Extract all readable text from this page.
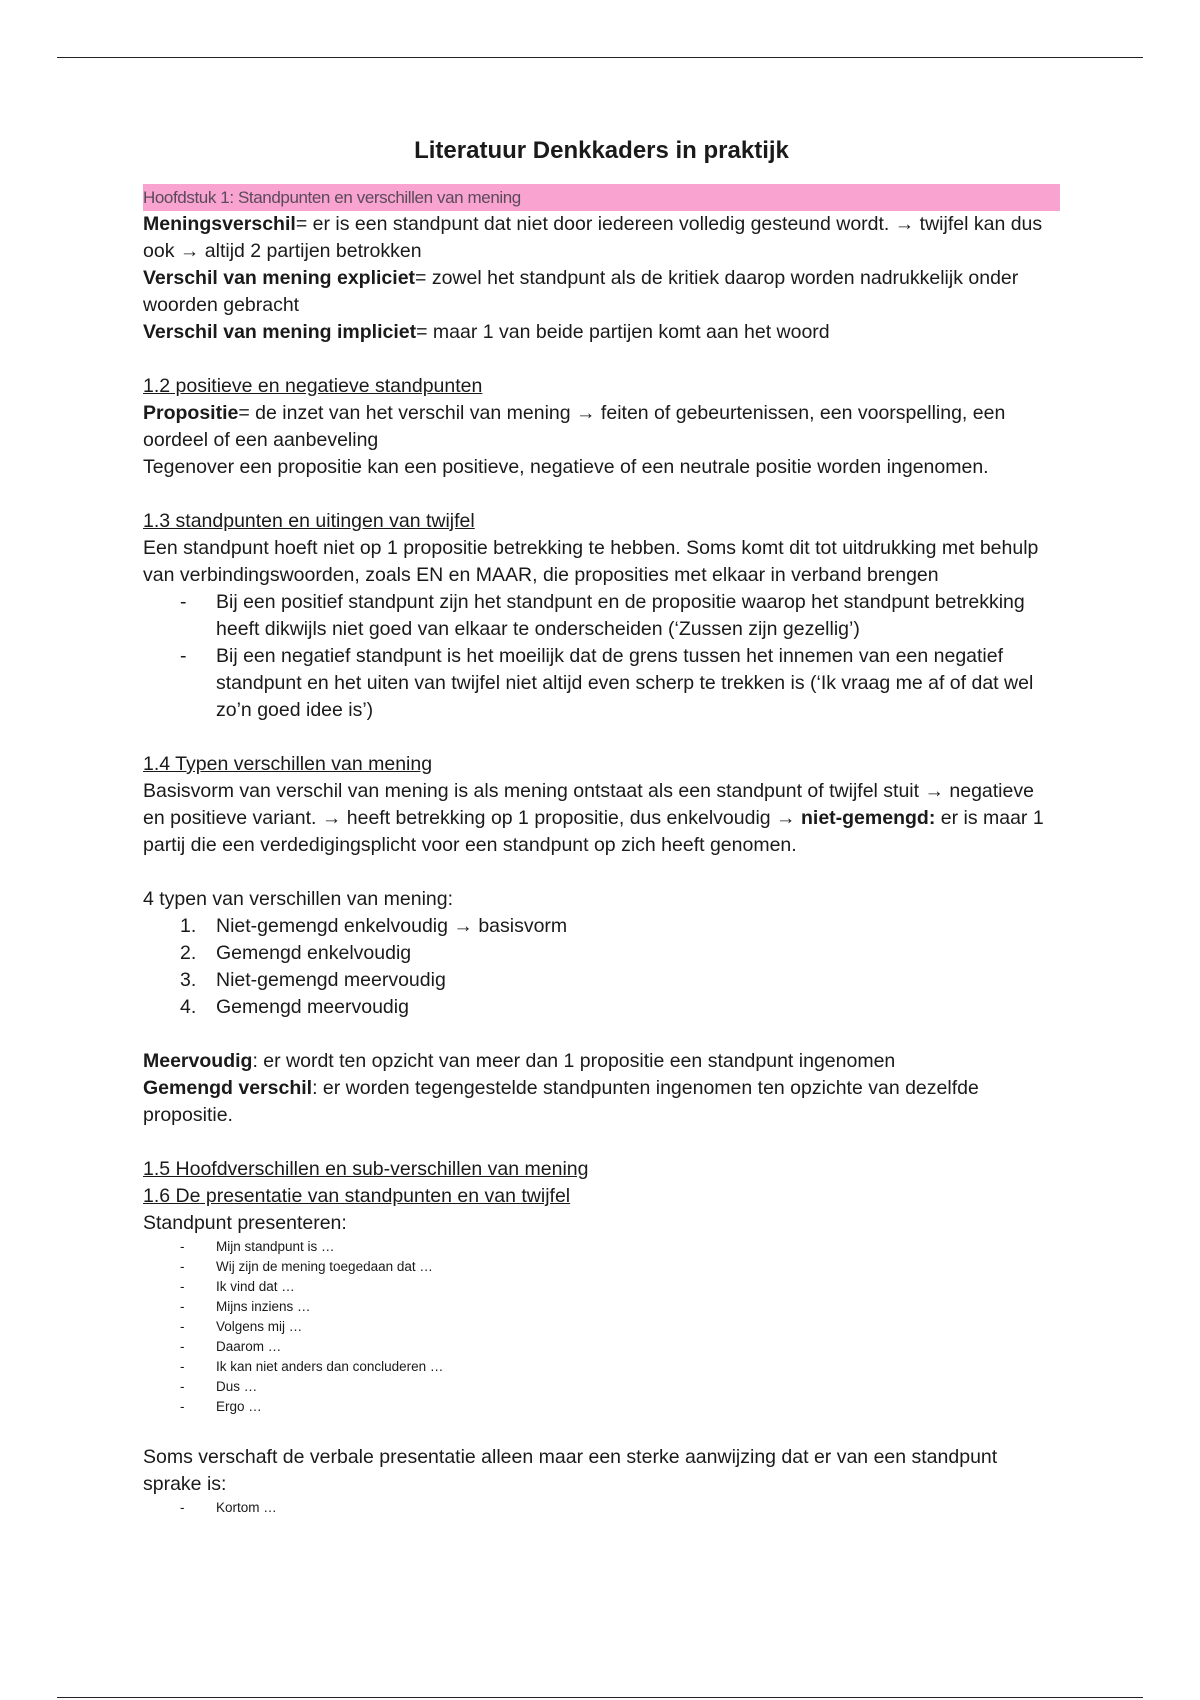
Literatuur Denkkaders in praktijk
Hoofdstuk 1: Standpunten en verschillen van mening

Meningsverschil= er is een standpunt dat niet door iedereen volledig gesteund wordt. → twijfel kan dus ook → altijd 2 partijen betrokken

Verschil van mening expliciet= zowel het standpunt als de kritiek daarop worden nadrukkelijk onder woorden gebracht

Verschil van mening impliciet= maar 1 van beide partijen komt aan het woord

1.2 positieve en negatieve standpunten

Propositie= de inzet van het verschil van mening → feiten of gebeurtenissen, een voorspelling, een oordeel of een aanbeveling

Tegenover een propositie kan een positieve, negatieve of een neutrale positie worden ingenomen.

1.3 standpunten en uitingen van twijfel

Een standpunt hoeft niet op 1 propositie betrekking te hebben. Soms komt dit tot uitdrukking met behulp van verbindingswoorden, zoals EN en MAAR, die proposities met elkaar in verband brengen

- Bij een positief standpunt zijn het standpunt en de propositie waarop het standpunt betrekking heeft dikwijls niet goed van elkaar te onderscheiden (‘Zussen zijn gezellig’)
- Bij een negatief standpunt is het moeilijk dat de grens tussen het innemen van een negatief standpunt en het uiten van twijfel niet altijd even scherp te trekken is (‘Ik vraag me af of dat wel zo’n goed idee is’)

1.4 Typen verschillen van mening

Basisvorm van verschil van mening is als mening ontstaat als een standpunt of twijfel stuit → negatieve en positieve variant. → heeft betrekking op 1 propositie, dus enkelvoudig → niet-gemengd: er is maar 1 partij die een verdedigingsplicht voor een standpunt op zich heeft genomen.

4 typen van verschillen van mening:

1. Niet-gemengd enkelvoudig → basisvorm
2. Gemengd enkelvoudig
3. Niet-gemengd meervoudig
4. Gemengd meervoudig

Meervoudig: er wordt ten opzicht van meer dan 1 propositie een standpunt ingenomen

Gemengd verschil: er worden tegengestelde standpunten ingenomen ten opzichte van dezelfde propositie.

1.5 Hoofdverschillen en sub-verschillen van mening

1.6 De presentatie van standpunten en van twijfel

Standpunt presenteren:

- Mijn standpunt is …
- Wij zijn de mening toegedaan dat …
- Ik vind dat …
- Mijns inziens …
- Volgens mij …
- Daarom …
- Ik kan niet anders dan concluderen …
- Dus …
- Ergo …

Soms verschaft de verbale presentatie alleen maar een sterke aanwijzing dat er van een standpunt sprake is:

- Kortom …
